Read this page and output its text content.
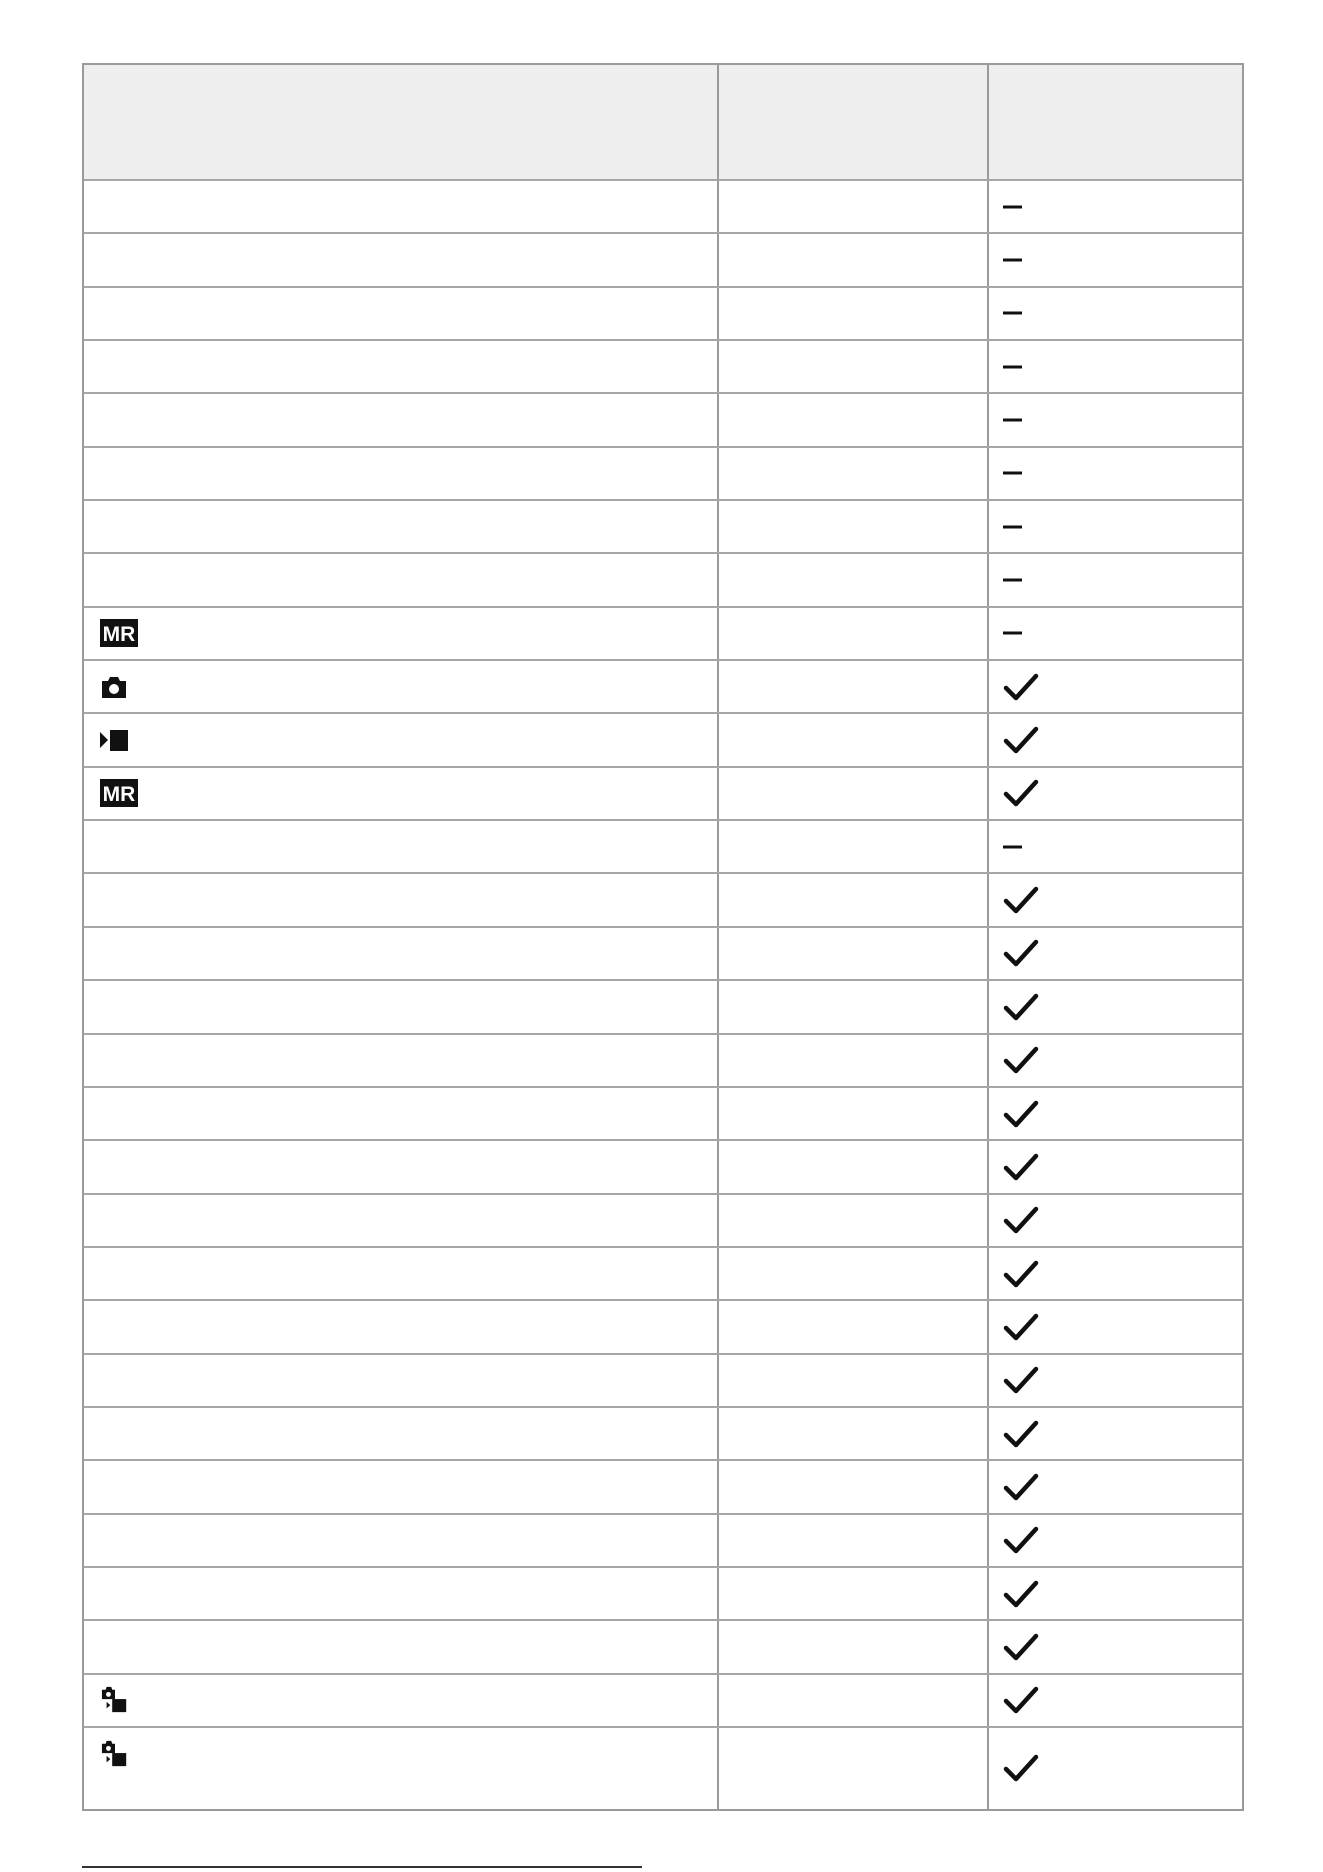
MR
MR
